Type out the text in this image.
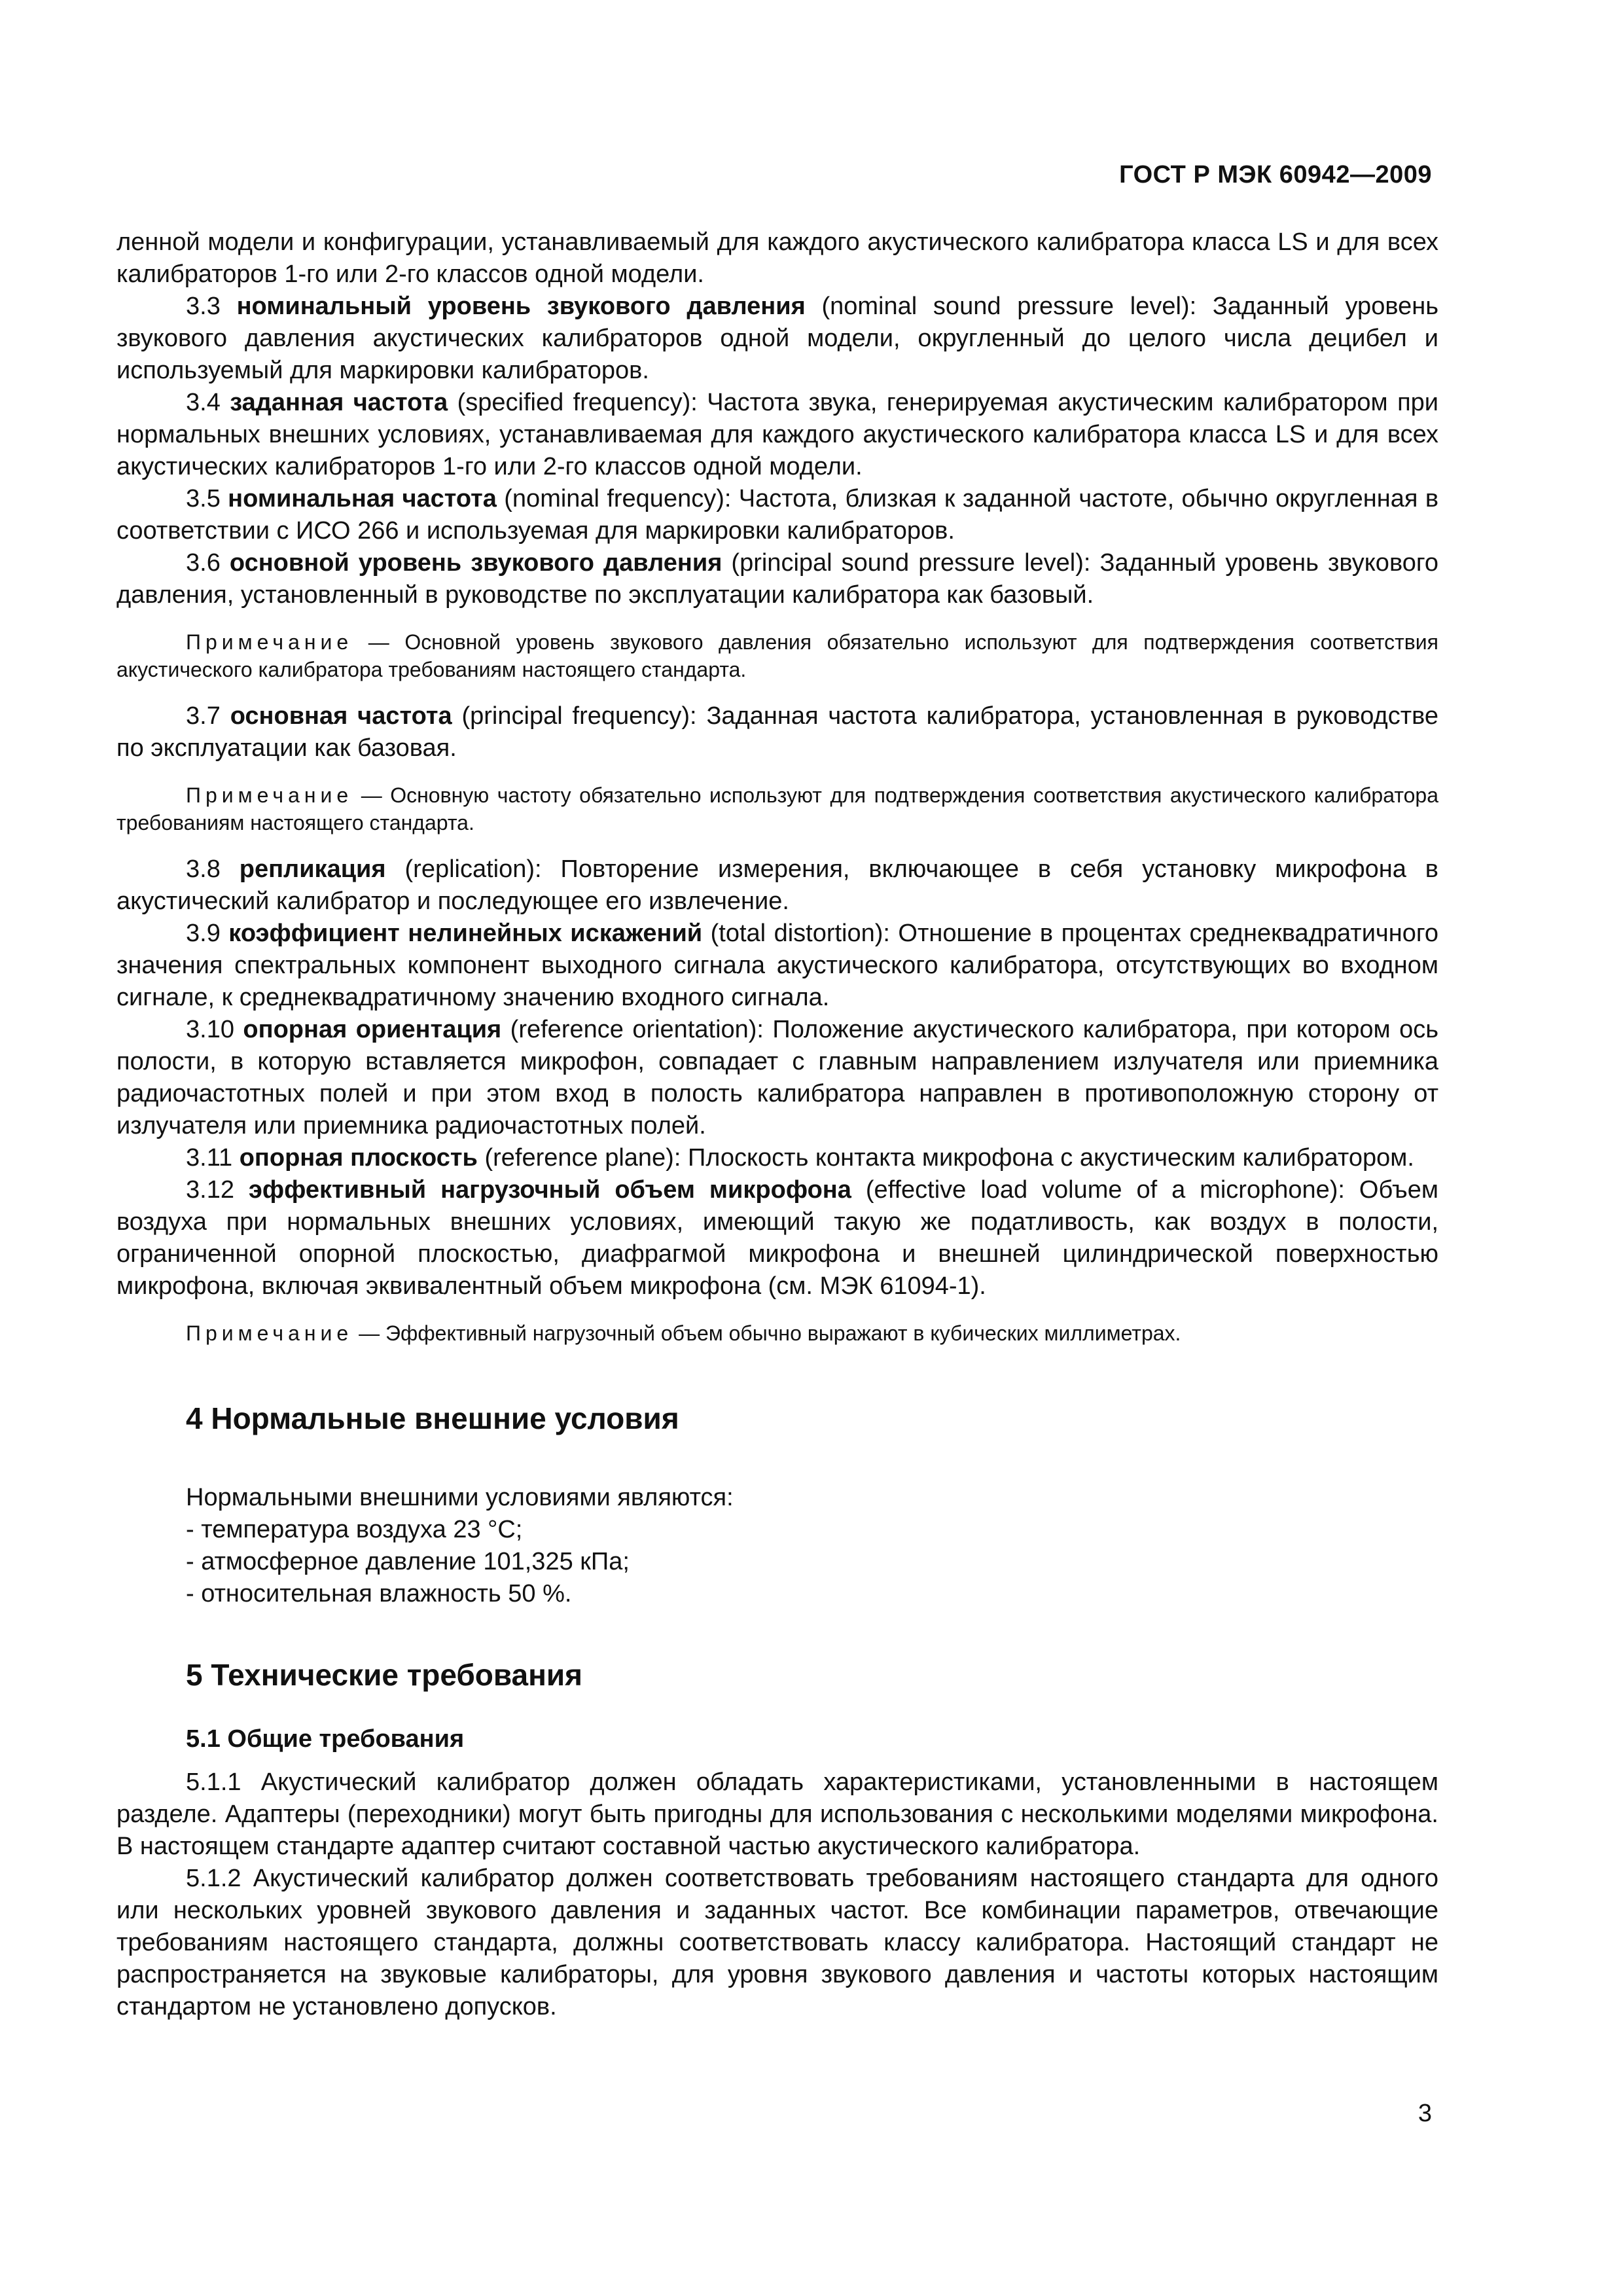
ГОСТ Р МЭК 60942—2009

ленной модели и конфигурации, устанавливаемый для каждого акустического калибратора класса LS и для всех калибраторов 1-го или 2-го классов одной модели.

3.3 номинальный уровень звукового давления (nominal sound pressure level): Заданный уровень звукового давления акустических калибраторов одной модели, округленный до целого числа децибел и используемый для маркировки калибраторов.

3.4 заданная частота (specified frequency): Частота звука, генерируемая акустическим калибратором при нормальных внешних условиях, устанавливаемая для каждого акустического калибратора класса LS и для всех акустических калибраторов 1-го или 2-го классов одной модели.

3.5 номинальная частота (nominal frequency): Частота, близкая к заданной частоте, обычно округленная в соответствии с ИСО 266 и используемая для маркировки калибраторов.

3.6 основной уровень звукового давления (principal sound pressure level): Заданный уровень звукового давления, установленный в руководстве по эксплуатации калибратора как базовый.

Примечание — Основной уровень звукового давления обязательно используют для подтверждения соответствия акустического калибратора требованиям настоящего стандарта.

3.7 основная частота (principal frequency): Заданная частота калибратора, установленная в руководстве по эксплуатации как базовая.

Примечание — Основную частоту обязательно используют для подтверждения соответствия акустического калибратора требованиям настоящего стандарта.

3.8 репликация (replication): Повторение измерения, включающее в себя установку микрофона в акустический калибратор и последующее его извлечение.

3.9 коэффициент нелинейных искажений (total distortion): Отношение в процентах среднеквадратичного значения спектральных компонент выходного сигнала акустического калибратора, отсутствующих во входном сигнале, к среднеквадратичному значению входного сигнала.

3.10 опорная ориентация (reference orientation): Положение акустического калибратора, при котором ось полости, в которую вставляется микрофон, совпадает с главным направлением излучателя или приемника радиочастотных полей и при этом вход в полость калибратора направлен в противоположную сторону от излучателя или приемника радиочастотных полей.

3.11 опорная плоскость (reference plane): Плоскость контакта микрофона с акустическим калибратором.

3.12 эффективный нагрузочный объем микрофона (effective load volume of a microphone): Объем воздуха при нормальных внешних условиях, имеющий такую же податливость, как воздух в полости, ограниченной опорной плоскостью, диафрагмой микрофона и внешней цилиндрической поверхностью микрофона, включая эквивалентный объем микрофона (см. МЭК 61094-1).

Примечание — Эффективный нагрузочный объем обычно выражают в кубических миллиметрах.

4 Нормальные внешние условия

Нормальными внешними условиями являются:

- температура воздуха 23 °С;

- атмосферное давление 101,325 кПа;

- относительная влажность 50 %.

5 Технические требования

5.1 Общие требования

5.1.1 Акустический калибратор должен обладать характеристиками, установленными в настоящем разделе. Адаптеры (переходники) могут быть пригодны для использования с несколькими моделями микрофона. В настоящем стандарте адаптер считают составной частью акустического калибратора.

5.1.2 Акустический калибратор должен соответствовать требованиям настоящего стандарта для одного или нескольких уровней звукового давления и заданных частот. Все комбинации параметров, отвечающие требованиям настоящего стандарта, должны соответствовать классу калибратора. Настоящий стандарт не распространяется на звуковые калибраторы, для уровня звукового давления и частоты которых настоящим стандартом не установлено допусков.

3
